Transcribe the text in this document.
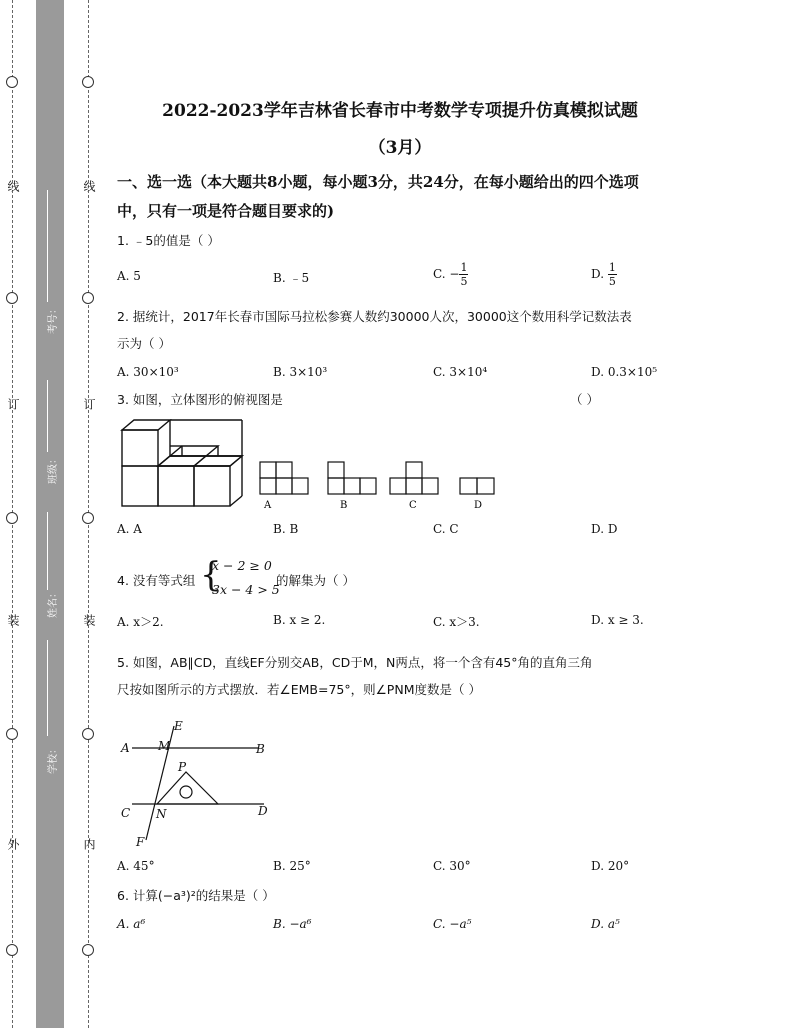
线
订
装
外
线
订
装
内
考号：
班级：
姓名：
学校：
2022-2023学年吉林省长春市中考数学专项提升仿真模拟试题
（3月）
一、选一选（本大题共8小题，每小题3分，共24分，在每小题给出的四个选项
中，只有一项是符合题目要求的)
1. ﹣5的值是（ ）
A. 5	B. ﹣5	C. − $\frac{1}{5}$	D. $\frac{1}{5}$
2. 据统计，2017年长春市国际马拉松参赛人数约30000人次，30000这个数用科学记数法表
示为（ ）
A. 30×10³	B. 3×10³	C. 3×10⁴	D. 0.3×10⁵
3. 如图，立体图形的俯视图是	（ ）
A	B	C	D
A. A	B. B	C. C	D. D
4. 没有等式组 {
x − 2 ≥ 0
3x − 4 > 5
的解集为（ ）
A. x＞2.	B. x ≥ 2.	C. x＞3.	D. x ≥ 3.
5. 如图，AB∥CD，直线EF分别交AB，CD于M，N两点，将一个含有45°角的直角三角
尺按如图所示的方式摆放．若∠EMB=75°，则∠PNM度数是（ ）
E
A M	B
P
C N	D
F
A. 45°	B. 25°	C. 30°	D. 20°
6. 计算(−a³)²的结果是（ ）
A. a⁶	B. −a⁶	C. −a⁵	D. a⁵
